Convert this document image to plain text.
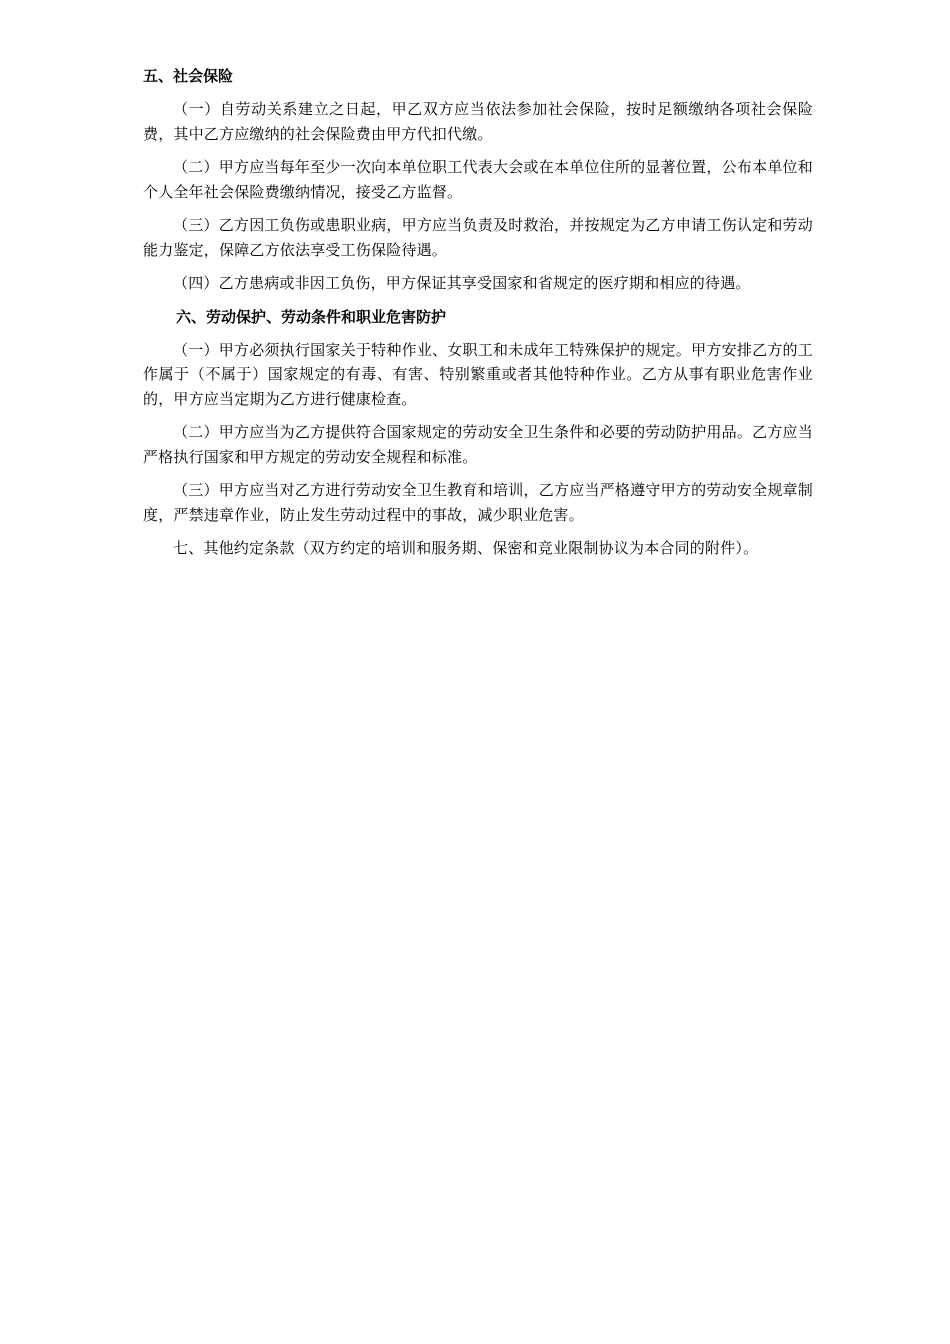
五、社会保险

（一）自劳动关系建立之日起，甲乙双方应当依法参加社会保险，按时足额缴纳各项社会保险费，其中乙方应缴纳的社会保险费由甲方代扣代缴。

（二）甲方应当每年至少一次向本单位职工代表大会或在本单位住所的显著位置，公布本单位和个人全年社会保险费缴纳情况，接受乙方监督。

（三）乙方因工负伤或患职业病，甲方应当负责及时救治，并按规定为乙方申请工伤认定和劳动能力鉴定，保障乙方依法享受工伤保险待遇。

（四）乙方患病或非因工负伤，甲方保证其享受国家和省规定的医疗期和相应的待遇。

六、劳动保护、劳动条件和职业危害防护

（一）甲方必须执行国家关于特种作业、女职工和未成年工特殊保护的规定。甲方安排乙方的工作属于（不属于）国家规定的有毒、有害、特别繁重或者其他特种作业。乙方从事有职业危害作业的，甲方应当定期为乙方进行健康检查。

（二）甲方应当为乙方提供符合国家规定的劳动安全卫生条件和必要的劳动防护用品。乙方应当严格执行国家和甲方规定的劳动安全规程和标准。

（三）甲方应当对乙方进行劳动安全卫生教育和培训，乙方应当严格遵守甲方的劳动安全规章制度，严禁违章作业，防止发生劳动过程中的事故，减少职业危害。

七、其他约定条款（双方约定的培训和服务期、保密和竞业限制协议为本合同的附件）。
